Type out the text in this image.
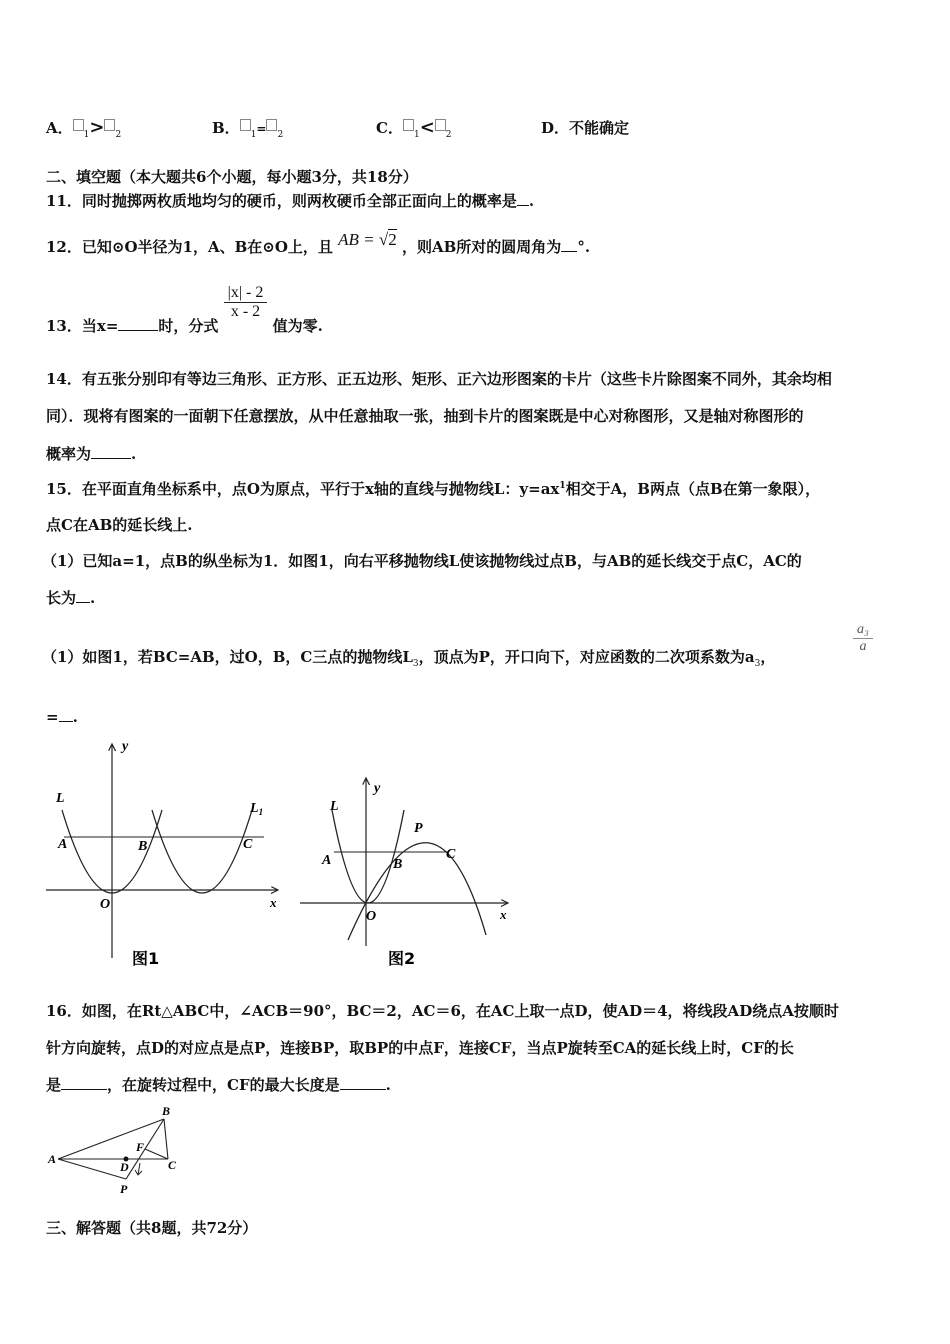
A． $_1$> $_2$	B． $_1$= $_2$	C． $_1$< $_2$	D．不能确定
二、填空题（本大题共6个小题，每小题3分，共18分）
11．同时抛掷两枚质地均匀的硬币，则两枚硬币全部正面向上的概率是 .
12．已知⊙O半径为1，A、B在⊙O上，且 AB = √2 ，则AB所对的圆周角为 °.
13．当x=	时，分式
$\frac{|x| - 2}{x - 2}$
值为零.
14．有五张分别印有等边三角形、正方形、正五边形、矩形、正六边形图案的卡片（这些卡片除图案不同外，其余均相
同）．现将有图案的一面朝下任意摆放，从中任意抽取一张，抽到卡片的图案既是中心对称图形，又是轴对称图形的
概率为	.
15．在平面直角坐标系中，点O为原点，平行于x轴的直线与抛物线L：$y=ax^1$相交于A，B两点（点B在第一象限），
点C在AB的延长线上.
（1）已知a=1，点B的纵坐标为1．如图1，向右平移抛物线L使该抛物线过点B，与AB的延长线交于点C，AC的
长为 .
（1）如图1，若BC=AB，过O，B，C三点的抛物线$L_3$，顶点为P，开口向下，对应函数的二次项系数为$a_3$，
$\frac{\text{a₃}}{a}$
= .
y
x
O
A	B	C
L
$L_1$
图1
y
x
O
A	B
C
L
P
图2
16．如图，在Rt△ABC中，∠ACB＝90°，BC＝2，AC＝6，在AC上取一点D，使AD＝4，将线段AD绕点A按顺时
针方向旋转，点D的对应点是点P，连接BP，取BP的中点F，连接CF，当点P旋转至CA的延长线上时，CF的长
是	，在旋转过程中，CF的最大长度是	.
A
B
C
D
F
P
三、解答题（共8题，共72分）
